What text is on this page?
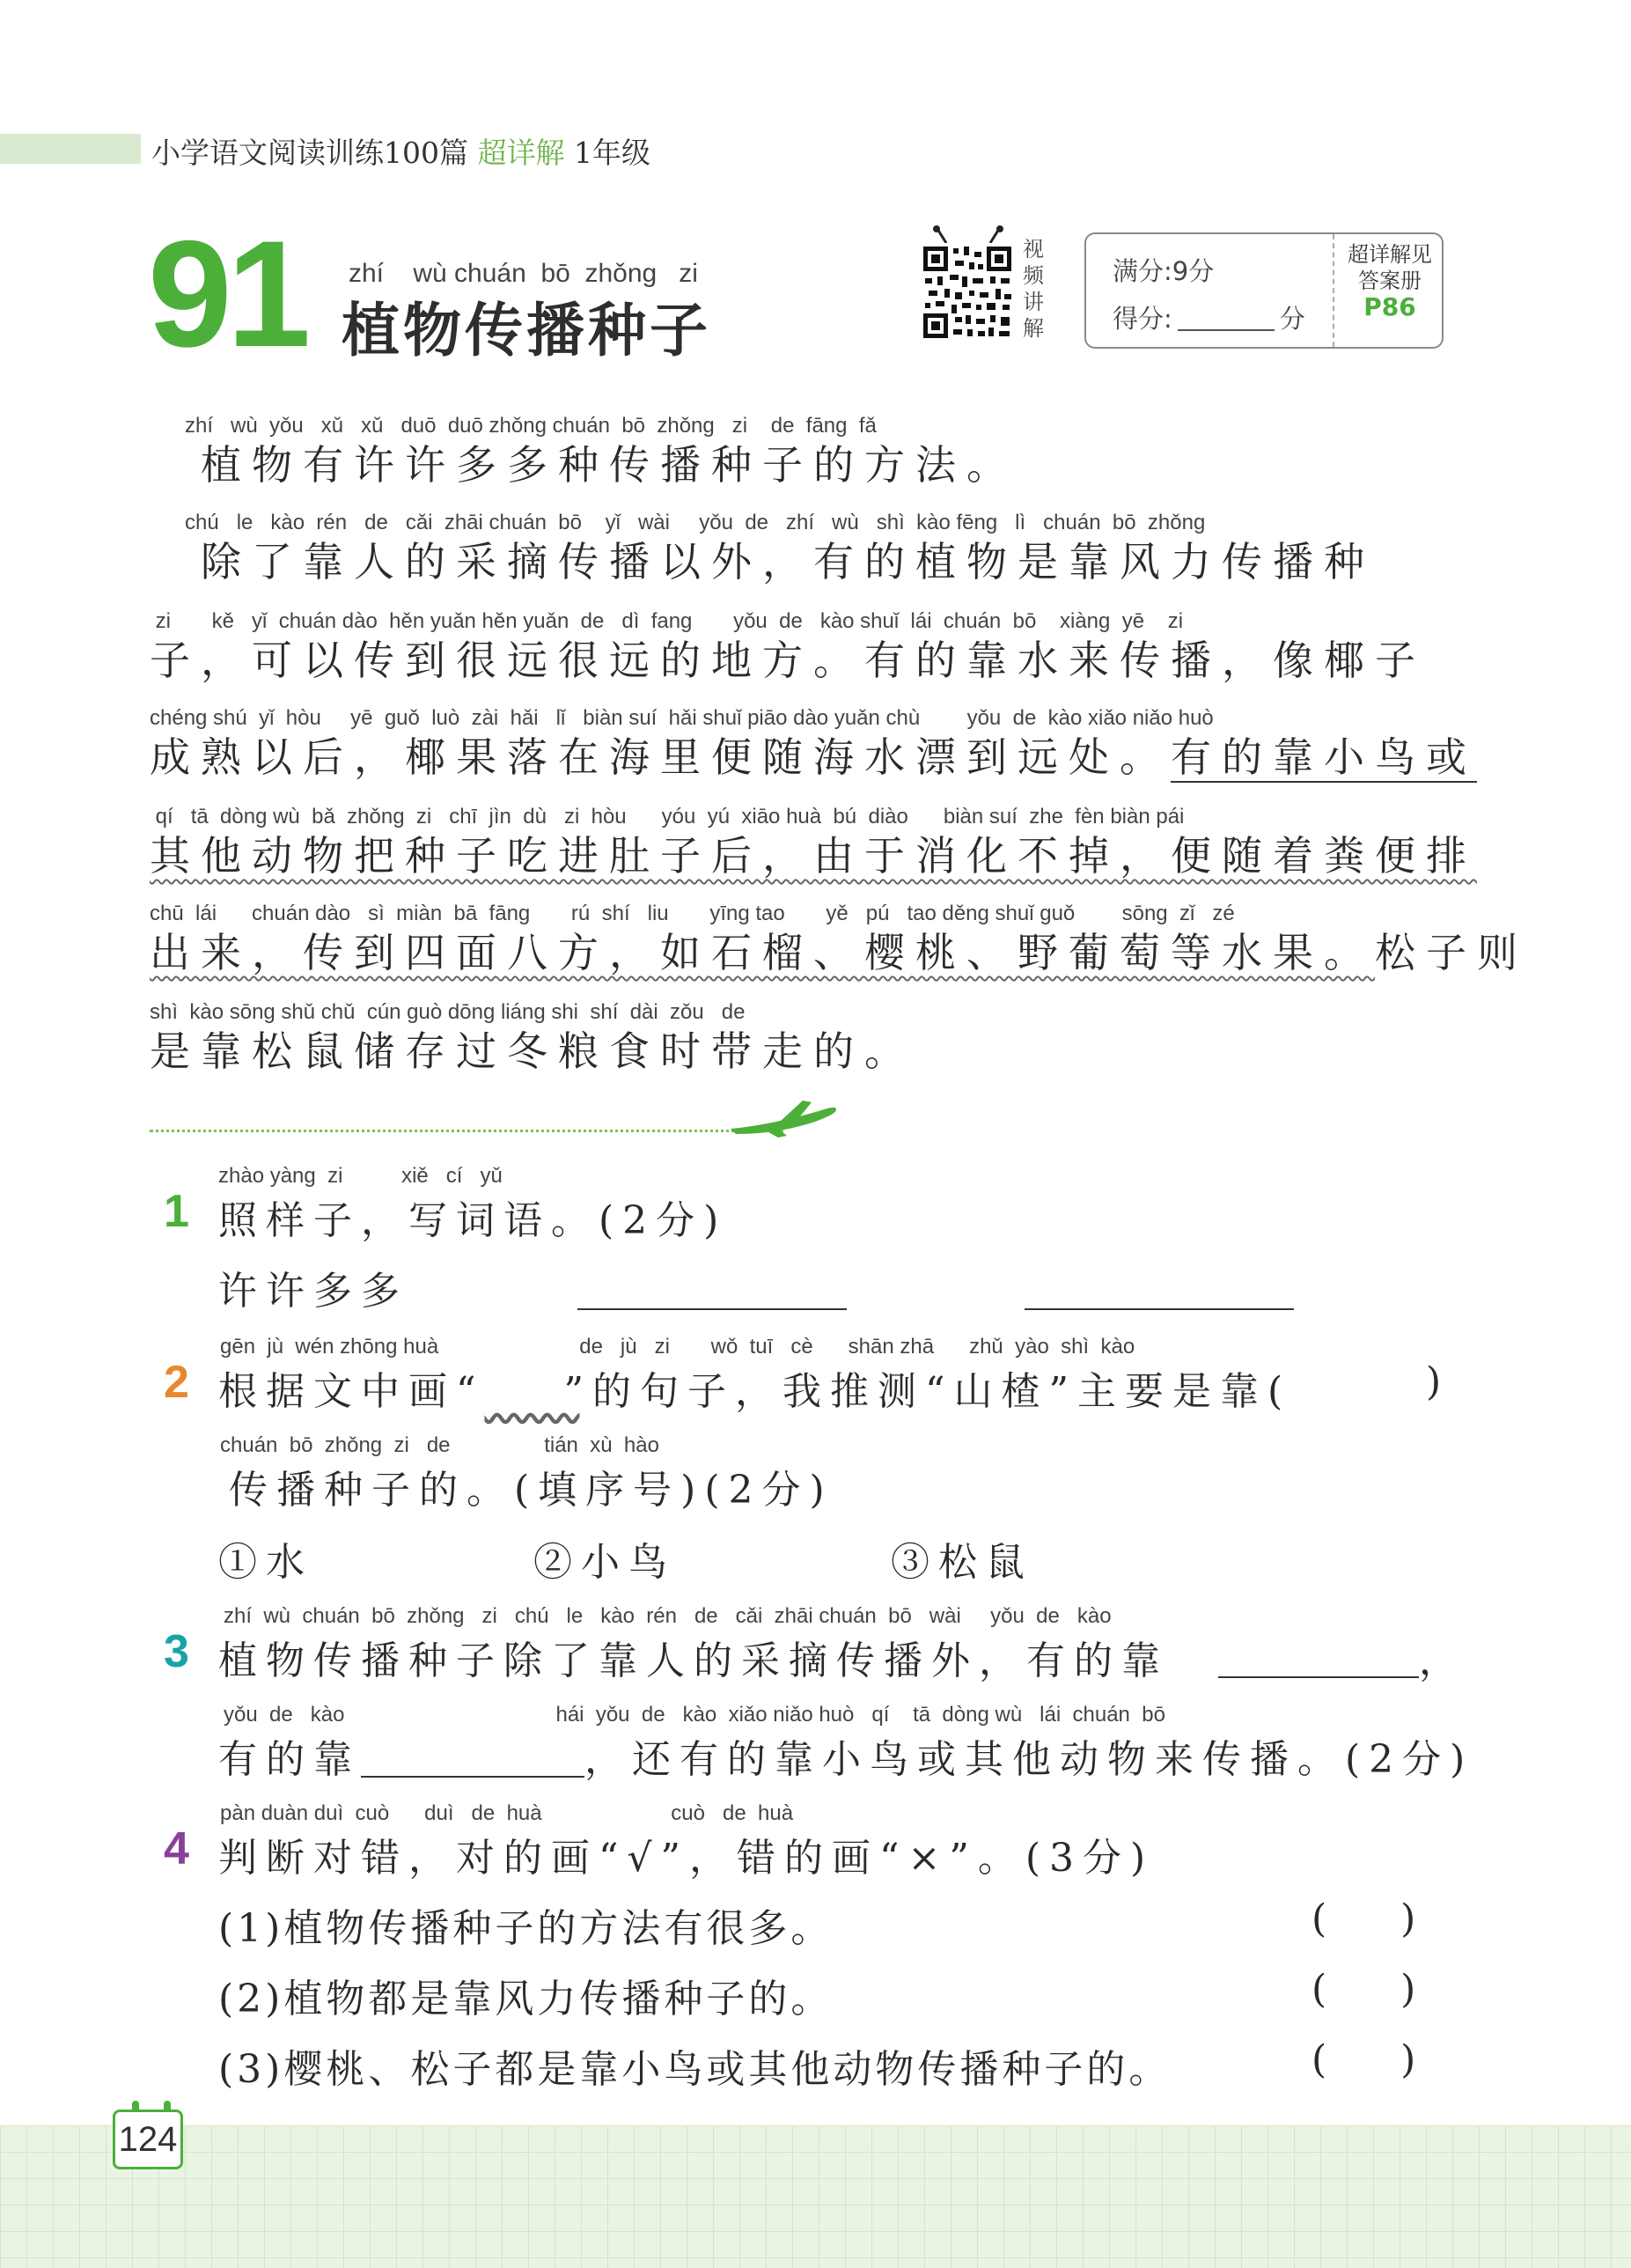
小学语文阅读训练100篇 超详解 1年级
91 zhí    wù chuán  bō  zhǒng   zi
植物传播种子
视
频
讲
解
满分:9分
得分:	分
超详解见
答案册
P86
zhí   wù  yǒu   xǔ   xǔ   duō  duō zhǒng chuán  bō  zhǒng   zi    de  fāng  fǎ
　植物有许许多多种传播种子的方法。
chú   le   kào  rén   de   cǎi  zhāi chuán  bō    yǐ   wài     yǒu  de   zhí   wù   shì  kào fēng   lì   chuán  bō  zhǒng
　除了靠人的采摘传播以外，有的植物是靠风力传播种
zi       kě   yǐ  chuán dào  hěn yuǎn hěn yuǎn  de   dì  fang       yǒu  de   kào shuǐ  lái  chuán  bō    xiàng  yē    zi
子，可以传到很远很远的地方。有的靠水来传播，像椰子
chéng shú  yǐ  hòu     yē  guǒ  luò  zài  hǎi   lǐ   biàn suí  hǎi shuǐ piāo dào yuǎn chù        yǒu  de  kào xiǎo niǎo huò
成熟以后，椰果落在海里便随海水漂到远处。有的靠小鸟或
qí   tā  dòng wù  bǎ  zhǒng  zi   chī  jìn  dù   zi  hòu      yóu  yú  xiāo huà  bú  diào      biàn suí  zhe  fèn biàn pái
其他动物把种子吃进肚子后，由于消化不掉，便随着粪便排
chū  lái      chuán dào   sì  miàn  bā  fāng       rú  shí   liu       yīng tao       yě   pú   tao děng shuǐ guǒ        sōng  zǐ   zé
出来，传到四面八方，如石榴、樱桃、野葡萄等水果。松子则
shì  kào sōng shǔ chǔ  cún guò dōng liáng shi  shí  dài  zǒu   de
是靠松鼠储存过冬粮食时带走的。
zhào yàng  zi          xiě   cí   yǔ
1 照样子，写词语。(2分)
许许多多
gēn  jù  wén zhōng huà                        de   jù   zi       wǒ  tuī   cè      shān zhā      zhǔ  yào  shì  kào
2 根据文中画“​　　”的句子，我推测“山楂”主要是靠(	)
chuán  bō  zhǒng  zi   de                tián  xù  hào
传播种子的。(填序号)(2分)
①水	②小鸟	③松鼠
zhí  wù  chuán  bō  zhǒng   zi   chú   le   kào  rén   de   cǎi  zhāi chuán  bō   wài     yǒu  de   kào
3 植物传播种子除了靠人的采摘传播外，有的靠	，
yǒu  de   kào                                    hái  yǒu  de   kào  xiǎo niǎo huò   qí    tā  dòng wù   lái  chuán  bō
有的靠	，还有的靠小鸟或其他动物来传播。(2分)
pàn duàn duì  cuò      duì   de  huà                      cuò   de  huà
4 判断对错，对的画“√”，错的画“×”。(3分)
(1)植物传播种子的方法有很多。	(      )
(2)植物都是靠风力传播种子的。	(      )
(3)樱桃、松子都是靠小鸟或其他动物传播种子的。	(      )
124
